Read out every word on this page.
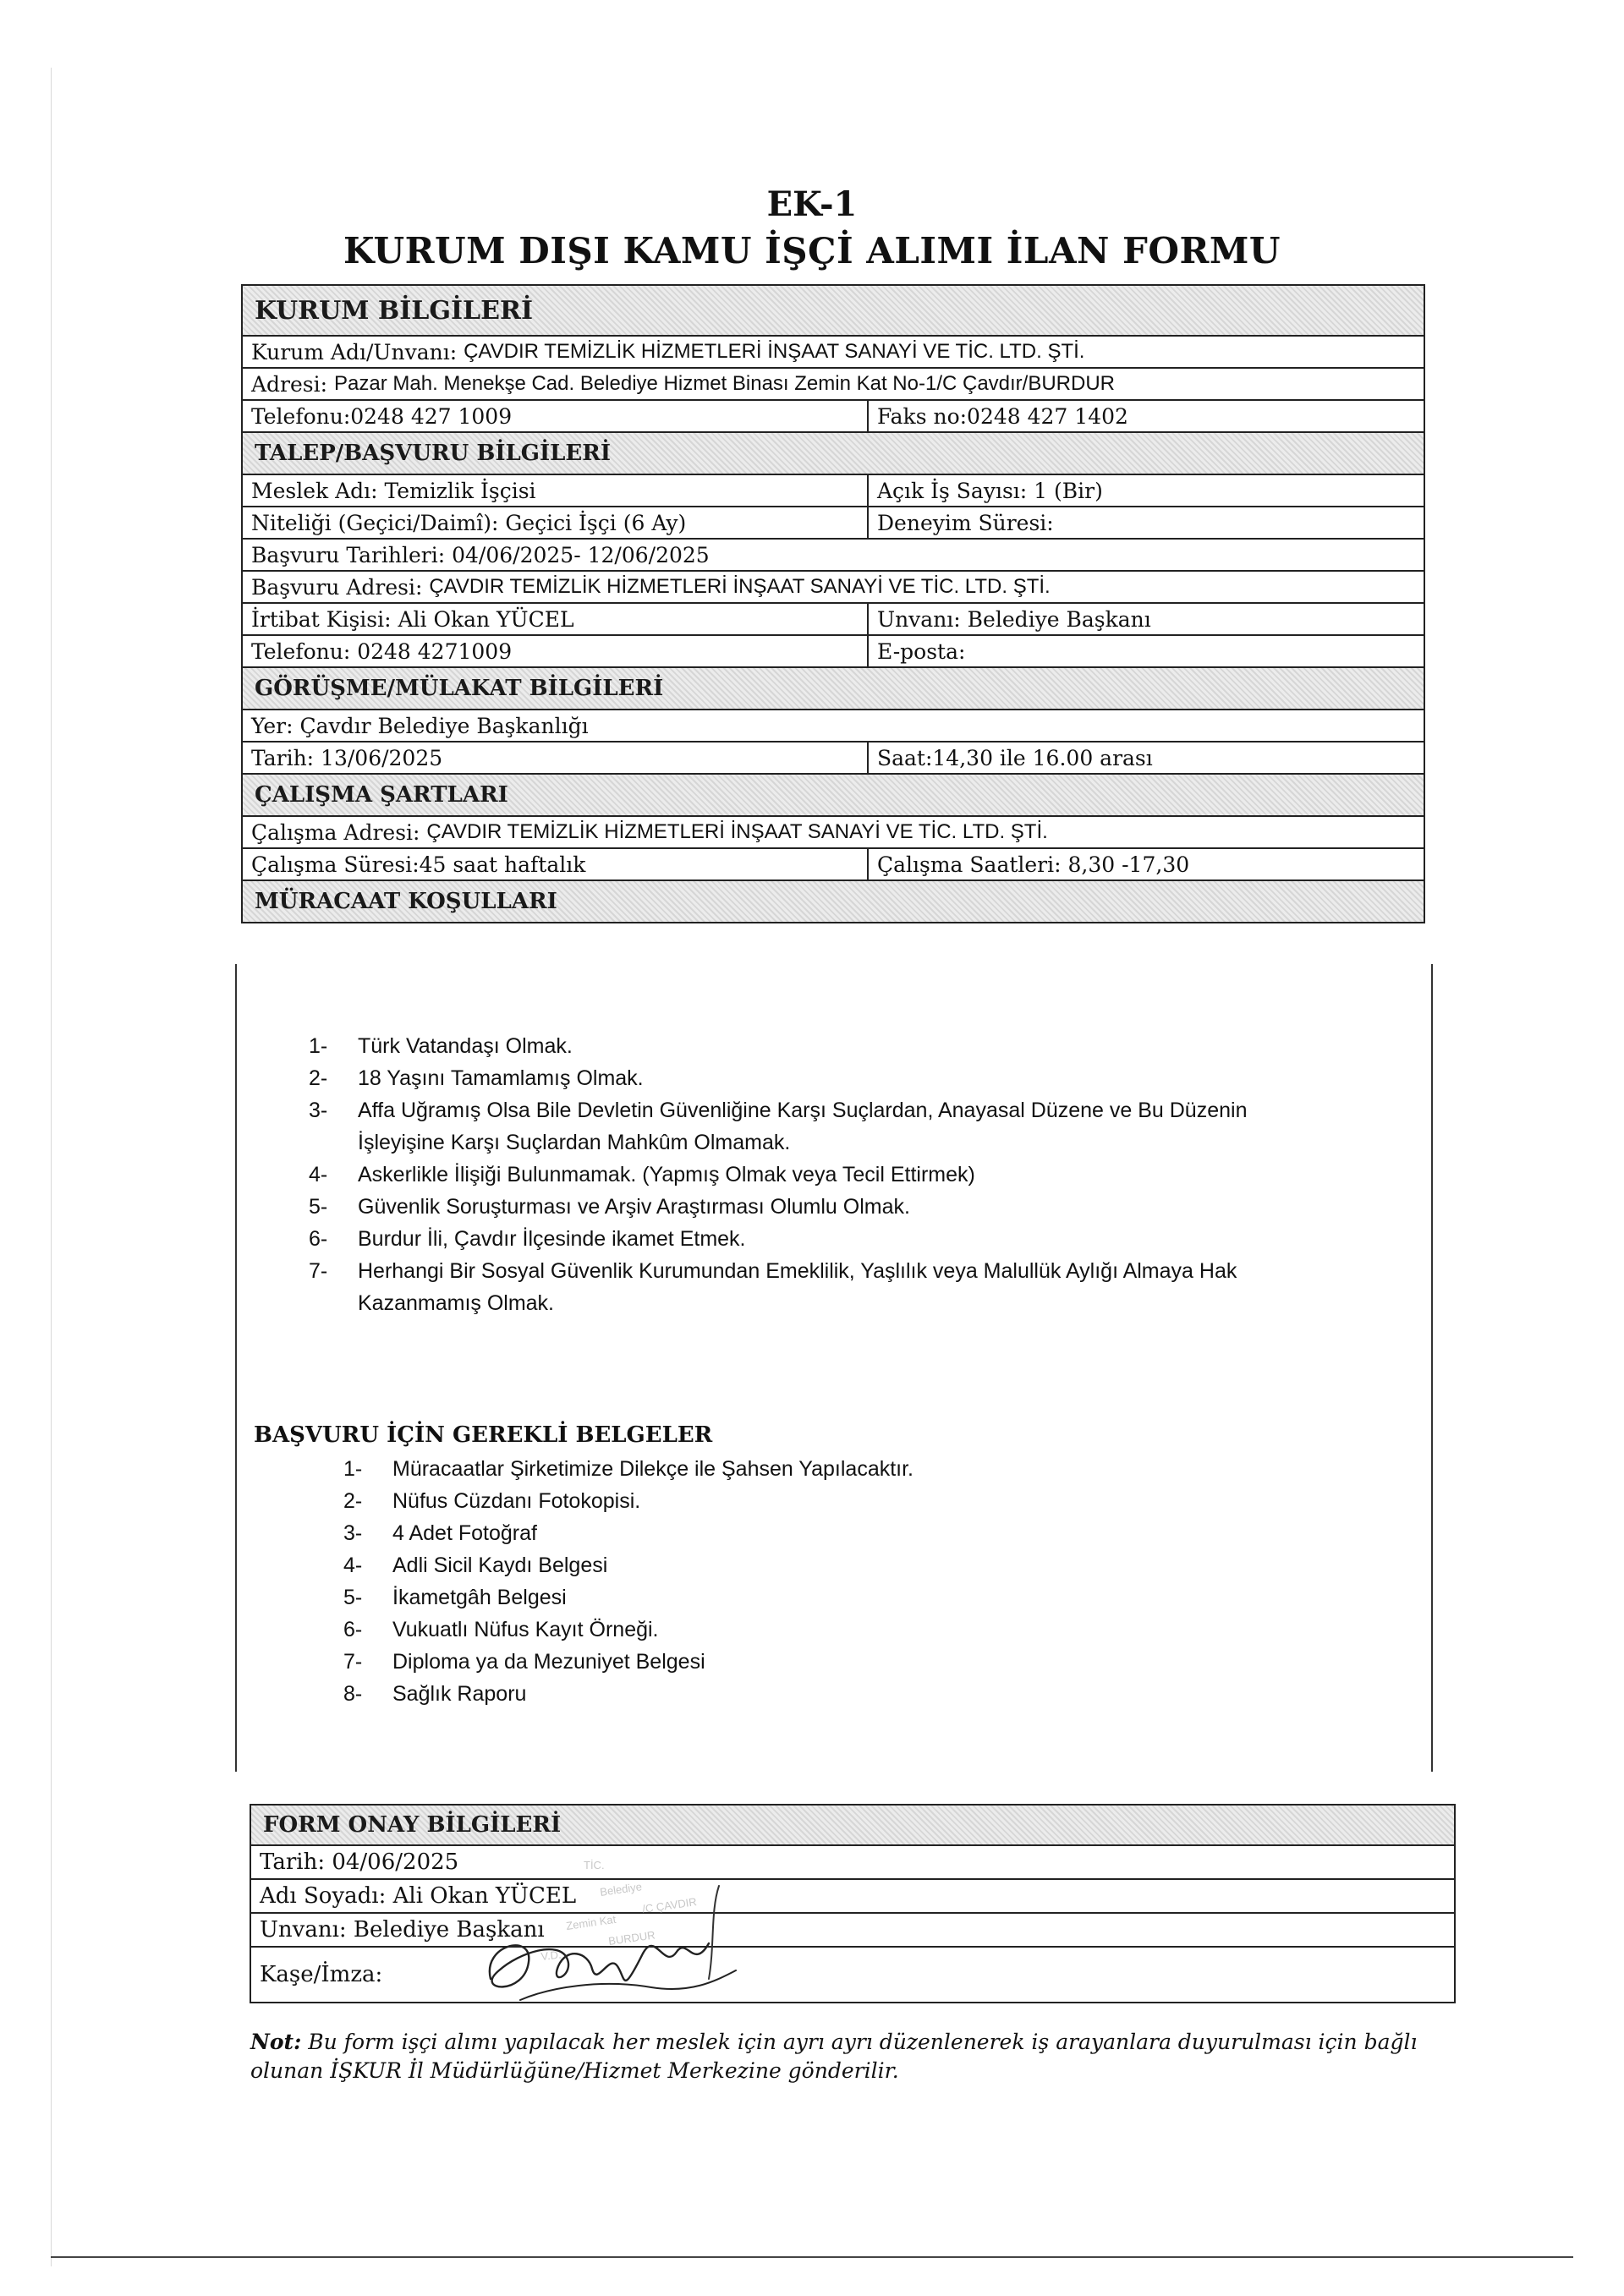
EK-1
KURUM DIŞI KAMU İŞÇİ ALIMI İLAN FORMU
KURUM BİLGİLERİ
Kurum Adı/Unvanı:
ÇAVDIR TEMİZLİK HİZMETLERİ İNŞAAT SANAYİ VE TİC. LTD. ŞTİ.
Adresi:
Pazar Mah. Menekşe Cad. Belediye Hizmet Binası Zemin Kat No-1/C Çavdır/BURDUR
Telefonu:0248 427 1009	Faks no:0248 427 1402
TALEP/BAŞVURU BİLGİLERİ
Meslek Adı: Temizlik İşçisi	Açık İş Sayısı: 1 (Bir)
Niteliği (Geçici/Daimî): Geçici İşçi (6 Ay)	Deneyim Süresi:
Başvuru Tarihleri: 04/06/2025- 12/06/2025
Başvuru Adresi:
ÇAVDIR TEMİZLİK HİZMETLERİ İNŞAAT SANAYİ VE TİC. LTD. ŞTİ.
İrtibat Kişisi: Ali Okan YÜCEL	Unvanı: Belediye Başkanı
Telefonu: 0248 4271009	E-posta:
GÖRÜŞME/MÜLAKAT BİLGİLERİ
Yer: Çavdır Belediye Başkanlığı
Tarih: 13/06/2025	Saat:14,30 ile 16.00 arası
ÇALIŞMA ŞARTLARI
Çalışma Adresi:
ÇAVDIR TEMİZLİK HİZMETLERİ İNŞAAT SANAYİ VE TİC. LTD. ŞTİ.
Çalışma Süresi:45 saat haftalık	Çalışma Saatleri: 8,30 -17,30
MÜRACAAT KOŞULLARI
1-	Türk Vatandaşı Olmak.
2-	18 Yaşını Tamamlamış Olmak.
3-	Affa Uğramış Olsa Bile Devletin Güvenliğine Karşı Suçlardan, Anayasal Düzene ve Bu Düzenin İşleyişine Karşı Suçlardan Mahkûm Olmamak.
4-	Askerlikle İlişiği Bulunmamak. (Yapmış Olmak veya Tecil Ettirmek)
5-	Güvenlik Soruşturması ve Arşiv Araştırması Olumlu Olmak.
6-	Burdur İli, Çavdır İlçesinde ikamet Etmek.
7-	Herhangi Bir Sosyal Güvenlik Kurumundan Emeklilik, Yaşlılık veya Malullük Aylığı Almaya Hak Kazanmamış Olmak.
BAŞVURU İÇİN GEREKLİ BELGELER
1-	Müracaatlar Şirketimize Dilekçe ile Şahsen Yapılacaktır.
2-	Nüfus Cüzdanı Fotokopisi.
3-	4 Adet Fotoğraf
4-	Adli Sicil Kaydı Belgesi
5-	İkametgâh Belgesi
6-	Vukuatlı Nüfus Kayıt Örneği.
7-	Diploma ya da Mezuniyet Belgesi
8-	Sağlık Raporu
FORM ONAY BİLGİLERİ
Tarih: 04/06/2025
Adı Soyadı: Ali Okan YÜCEL
Unvanı: Belediye Başkanı
Kaşe/İmza:
TİC.
Belediye
/C ÇAVDIR
Zemin Kat
BURDUR
V.D.
Not: Bu form işçi alımı yapılacak her meslek için ayrı ayrı düzenlenerek iş arayanlara duyurulması için bağlı olunan İŞKUR İl Müdürlüğüne/Hizmet Merkezine gönderilir.
